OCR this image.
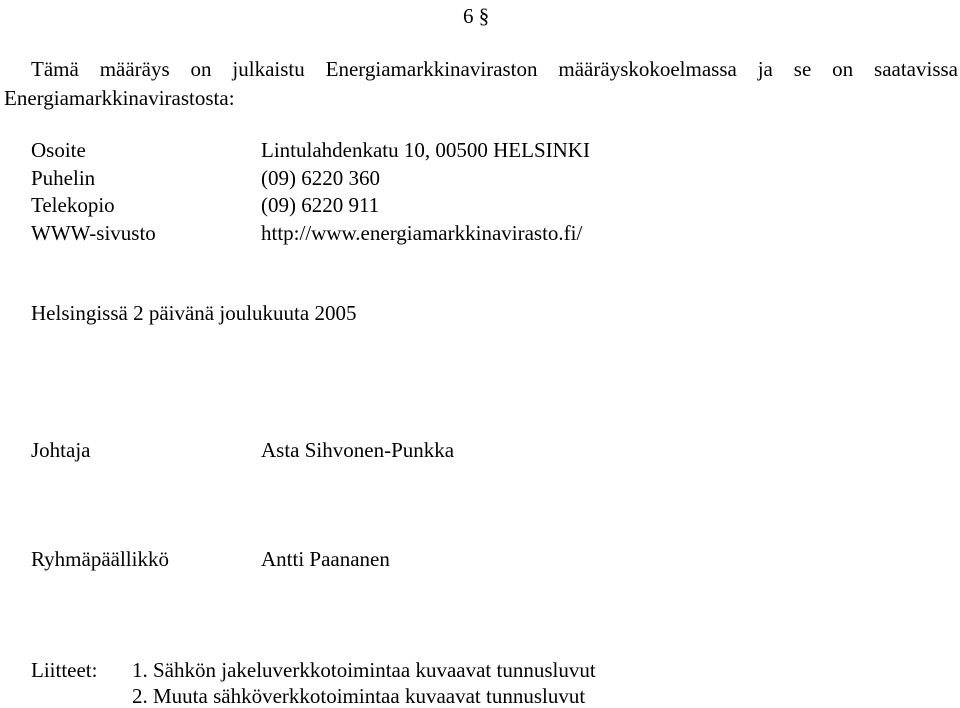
6 §
Tämä määräys on julkaistu Energiamarkkinaviraston määräyskokoelmassa ja se on saatavissa
Energiamarkkinavirastosta:
Osoite	Lintulahdenkatu 10, 00500 HELSINKI
Puhelin	(09) 6220 360
Telekopio	(09) 6220 911
WWW-sivusto	http://www.energiamarkkinavirasto.fi/
Helsingissä 2 päivänä joulukuuta 2005
Johtaja	Asta Sihvonen-Punkka
Ryhmäpäällikkö	Antti Paananen
Liitteet: 1. Sähkön jakeluverkkotoimintaa kuvaavat tunnusluvut
2. Muuta sähköverkkotoimintaa kuvaavat tunnusluvut
